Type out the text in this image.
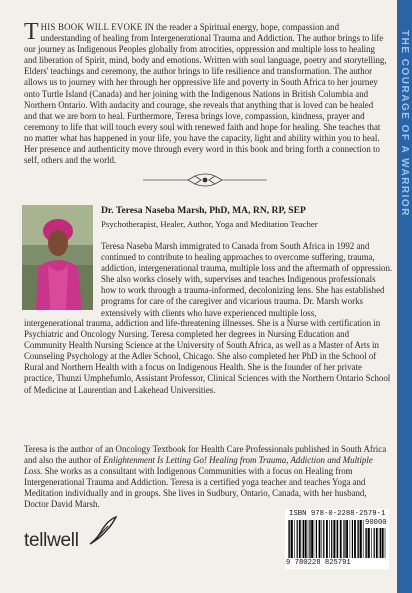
THE COURAGE OF A WARRIOR

THIS BOOK WILL EVOKE IN the reader a Spiritual energy, hope, compassion and understanding of healing from Intergenerational Trauma and Addiction. The author brings to life our journey as Indigenous Peoples globally from atrocities, oppression and multiple loss to healing and liberation of Spirit, mind, body and emotions. Written with soul language, poetry and storytelling, Elders' teachings and ceremony, the author brings to life resilience and transformation. The author allows us to journey with her through her oppressive life and poverty in South Africa to her journey onto Turtle Island (Canada) and her joining with the Indigenous Nations in British Columbia and Northern Ontario. With audacity and courage, she reveals that anything that is loved can be healed and that we are born to heal. Furthermore, Teresa brings love, compassion, kindness, prayer and ceremony to life that will touch every soul with renewed faith and hope for healing. She teaches that no matter what has happened in your life, you have the capacity, light and ability within you to heal. Her presence and authenticity move through every word in this book and bring forth a connection to self, others and the world.

Dr. Teresa Naseba Marsh, PhD, MA, RN, RP, SEP

Psychotherapist, Healer, Author, Yoga and Meditation Teacher

Teresa Naseba Marsh immigrated to Canada from South Africa in 1992 and continued to contribute to healing approaches to overcome suffering, trauma, addiction, intergenerational trauma, multiple loss and the aftermath of oppression. She also works closely with, supervises and teaches Indigenous professionals how to work through a trauma-informed, decolonizing lens. She has established programs for care of the caregiver and vicarious trauma. Dr. Marsh works extensively with clients who have experienced multiple loss,

intergenerational trauma, addiction and life-threatening illnesses. She is a Nurse with certification in Psychiatric and Oncology Nursing. Teresa completed her degrees in Nursing Education and Community Health Nursing Science at the University of South Africa, as well as a Master of Arts in Counseling Psychology at the Adler School, Chicago. She also completed her PhD in the School of Rural and Northern Health with a focus on Indigenous Health. She is the founder of her private practice, Thunzi Umphefumlo, Assistant Professor, Clinical Sciences with the Northern Ontario School of Medicine at Laurentian and Lakehead Universities.

Teresa is the author of an Oncology Textbook for Health Care Professionals published in South Africa and also the author of Enlightenment Is Letting Go! Healing from Trauma, Addiction and Multiple Loss. She works as a consultant with Indigenous Communities with a focus on Healing from Intergenerational Trauma and Addiction. Teresa is a certified yoga teacher and teaches Yoga and Meditation individually and in groups. She lives in Sudbury, Ontario, Canada, with her husband, Doctor David Marsh.

tellwell
ISBN 978-0-2288-2579-1
90000
9 780228 825791
